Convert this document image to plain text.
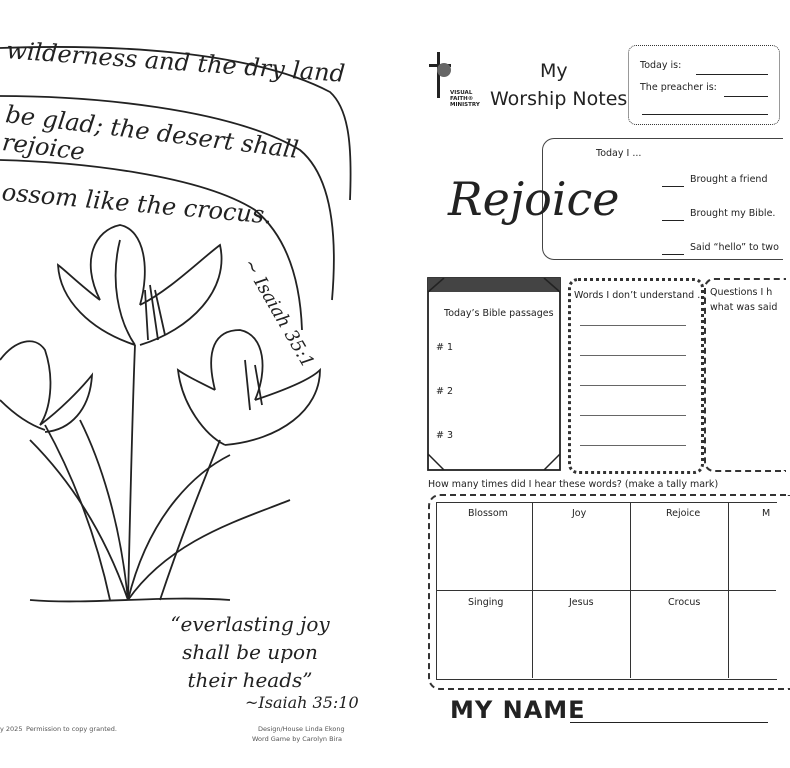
wilderness and the dry land
be glad; the desert shall rejoice
ossom like the crocus.
~ Isaiah 35:1
“everlasting joy
shall be upon
their heads”
~Isaiah 35:10
y 2025 Permission to copy granted.	Design/House Linda Ekong
Word Game by Carolyn Bira
VISUAL FAITH® MINISTRY
My
Worship Notes
Today is:
The preacher is:
Today I ...
Rejoice	Brought a friend
Brought my Bible.
Said “hello” to two
Today’s Bible passages
# 1
# 2
# 3
Words I don’t understand ... Questions I h
what was said
How many times did I hear these words? (make a tally mark)
Blossom	Joy	Rejoice	M
Singing	Jesus	Crocus
MY NAME
